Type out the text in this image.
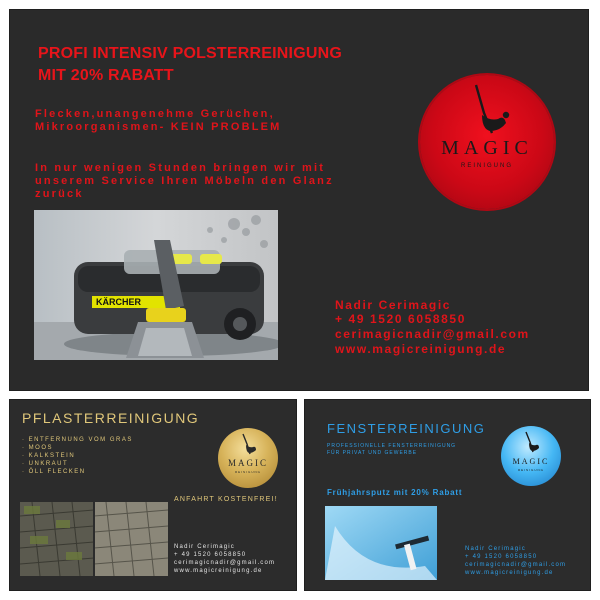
PROFI INTENSIV POLSTERREINIGUNG
MIT 20% RABATT
Flecken,unangenehme Gerüchen,
Mikroorganismen- KEIN PROBLEM
In nur wenigen Stunden bringen wir mit
unserem Service Ihren Möbeln den Glanz
zurück
KÄRCHER	Nadir Cerimagic
+ 49 1520 6058850
cerimagicnadir@gmail.com
www.magicreinigung.de
MAGIC
REINIGUNG
PFLASTERREINIGUNG
· ENTFERNUNG VOM GRAS
· MOOS
· KALKSTEIN
· UNKRAUT
· ÖLL FLECKEN
MAGIC
REINIGUNG
ANFAHRT KOSTENFREI!
Nadir Cerimagic
+ 49 1520 6058850
cerimagicnadir@gmail.com
www.magicreinigung.de
FENSTERREINIGUNG
PROFESSIONELLE FENSTERREINIGUNG
FÜR PRIVAT UND GEWERBE
MAGIC
REINIGUNG
Frühjahrsputz mit 20% Rabatt
Nadir Cerimagic
+ 49 1520 6058850
cerimagicnadir@gmail.com
www.magicreinigung.de
